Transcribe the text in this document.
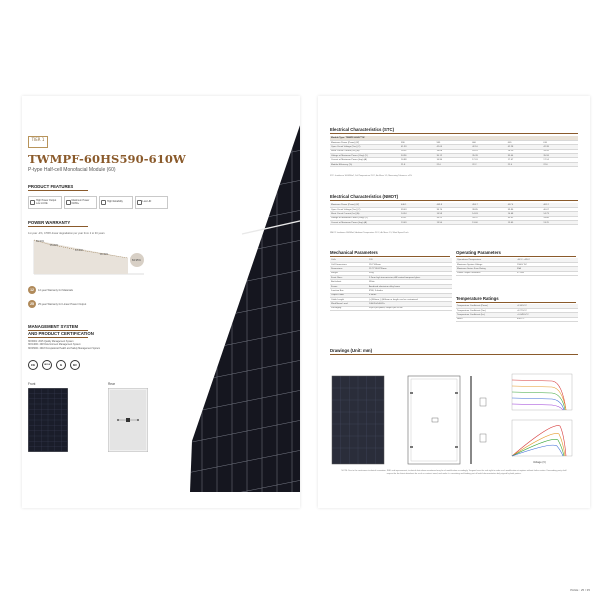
TIER 1
TWMPF-60HS590-610W
P-type Half-cell Monofacial Module (60)
PRODUCT FEATURES
High Power Output Low LCOE
Maximum Power 610W+	High Reliability	Low LID
POWER WARRANTY
1st year -2%, 0.55% linear degradation per year from 2 to 30 years
98.00%
95.80%
93.05%
90.30%
84.95%
12	12-year Warranty for Materials
25	25-year Warranty for Linear Power Output
MANAGEMENT SYSTEM
AND PRODUCT CERTIFICATION
ISO9001: 2015 Quality Management System
ISO14001: 2015 Environment Management System
ISO45001: 2018 Occupational Health and Safety Management System
CE	UKCA	G	IEC
Front	Rear
Electrical Characteristics (STC)
Module Type: TWMPF-60HS***W					
Maximum Power (Pmax) (W)	590	595	600	605	610
Open Circuit Voltage (Voc) (V)	41.93	42.05	42.16	42.28	42.39
Short Circuit Current (Isc) (A)	18.02	18.08	18.14	18.20	18.26
Voltage at Maximum Power (Vmp) (V)	34.96	35.12	35.28	35.44	35.59
Current at Maximum Power (Imp) (A)	16.88	16.94	17.01	17.07	17.14
Module Efficiency (%)	21.8	22.0	22.2	22.4	22.6
STC: Irradiance 1000W/m², Cell Temperature 25°C, Air Mass 1.5, Measuring Tolerance: ±3%
Electrical Characteristics (NMOT)
Maximum Power (Pmax) (W)	446.1	449.9	453.7	457.4	461.2
Open Circuit Voltage (Voc) (V)	39.63	39.74	39.85	39.96	40.07
Short Circuit Current (Isc) (A)	14.54	14.59	14.63	14.68	14.73
Voltage at Maximum Power (Vmp) (V)	33.07	33.22	33.37	33.52	33.66
Current at Maximum Power (Imp) (A)	13.49	13.54	13.60	13.65	13.70
NMOT: Irradiance 800W/m², Ambient Temperature 20°C, Air Mass 1.5, Wind Speed 1m/s
Mechanical Parameters
Cells	120
Cell Dimensions	210*105mm
Dimensions	2172*1303*35mm
Weight	31kg
Front Glass	3.2mm high transmission, AR coated tempered glass
Backsheet	White
Frame	Anodized aluminium alloy frame
Junction Box	IP68, 3 diodes
Output Cable	4.0mm²
Cable Length	(+)300mm, (-)300mm or length can be customized
Wind/Snow Load	2400Pa/5400Pa
Packaging	31pcs per pallet, 558pcs per 40'HC
Operating Parameters
Operational Temperature	-40°C~+85°C
Maximum System Voltage	1500V DC
Maximum Series Fuse Rating	35A
Power Output Tolerance	0~+5W
Temperature Ratings
Temperature Coefficient (Pmax)	-0.34%/°C
Temperature Coefficient (Voc)	-0.27%/°C
Temperature Coefficient (Isc)	+0.045%/°C
NMOT	45±2°C
Drawings (Unit: mm)
Voltage (V)
NOTE: Due to the continuous technical innovation, R&D and improvement, technical data above mentioned may be of modification accordingly. Tongwei have the sole right to make such modification at anytime without further notice. Demanding party shall request for the latest datasheet for such as contract need, and make it a consisting and binding part of lawful documentation duly signed by both parties.
PAGE : 25 / 35
